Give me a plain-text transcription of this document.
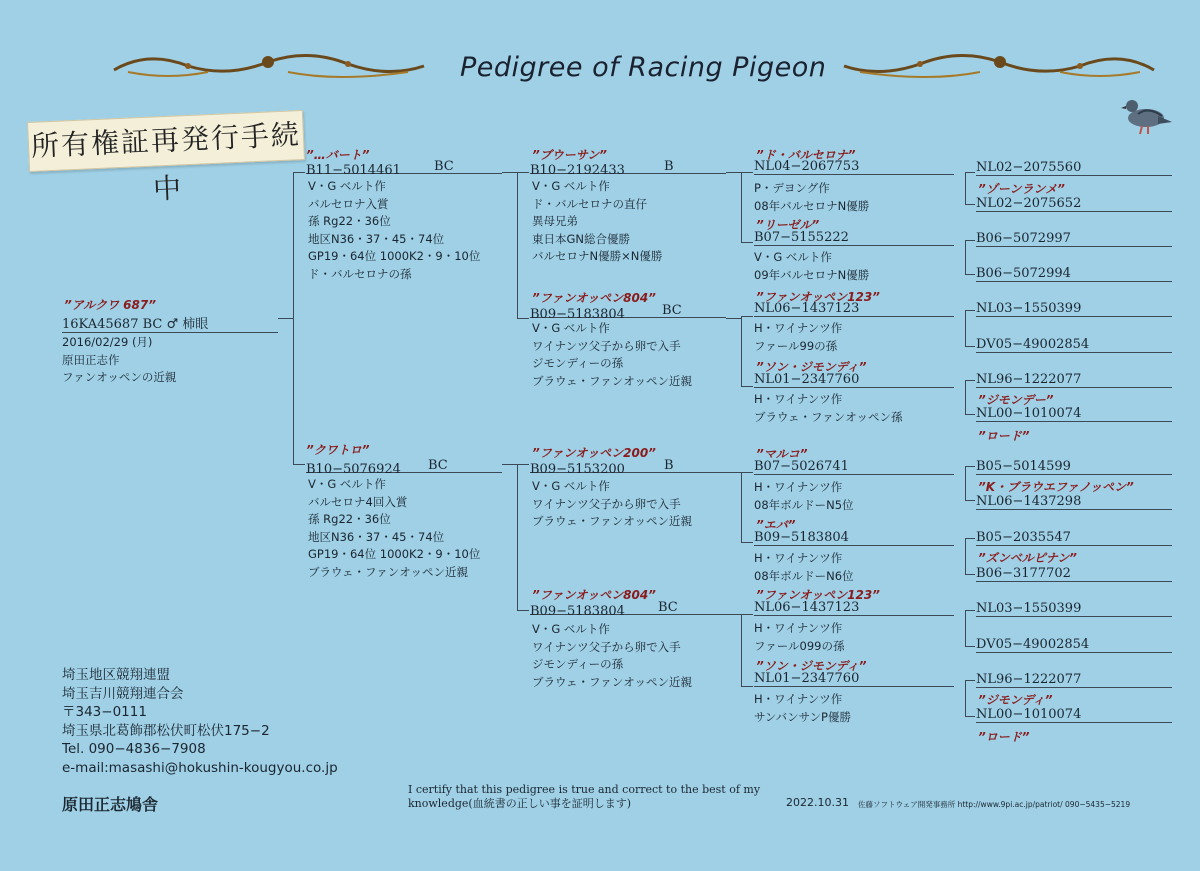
Pedigree of Racing Pigeon
所有権証再発行手続中
”アルクワ 687”
16KA45687 BC ♂ 柿眼
2016/02/29 (月)
原田正志作
ファンオッペンの近親
”…バート”
B11−5014461	BC
V・G ベルト作
バルセロナ入賞
孫 Rg22・36位
地区N36・37・45・74位
GP19・64位 1000K2・9・10位
ド・バルセロナの孫
”クワトロ”
B10−5076924 BC
V・G ベルト作
バルセロナ4回入賞
孫 Rg22・36位
地区N36・37・45・74位
GP19・64位 1000K2・9・10位
ブラウェ・ファンオッペン近親
”ブウーサン”
B10−2192433	B
V・G ベルト作
ド・バルセロナの直仔
異母兄弟
東日本GN総合優勝
バルセロナN優勝×N優勝
”ファンオッペン804”
B09−5183804	BC
V・G ベルト作
ワイナンツ父子から卵で入手
ジモンディーの孫
ブラウェ・ファンオッペン近親
”ファンオッペン200”
B09−5153200	B
V・G ベルト作
ワイナンツ父子から卵で入手
ブラウェ・ファンオッペン近親
”ファンオッペン804”
B09−5183804	BC
V・G ベルト作
ワイナンツ父子から卵で入手
ジモンディーの孫
ブラウェ・ファンオッペン近親
”ド・バルセロナ”
NL04−2067753
P・デヨング作
08年バルセロナN優勝
”リーゼル”
B07−5155222
V・G ベルト作
09年バルセロナN優勝
”ファンオッペン123”
NL06−1437123
H・ワイナンツ作
ファール99の孫
”ソン・ジモンディ”
NL01−2347760
H・ワイナンツ作
ブラウェ・ファンオッペン孫
”マルコ”
B07−5026741
H・ワイナンツ作
08年ボルドーN5位
”エバ”
B09−5183804
H・ワイナンツ作
08年ボルドーN6位
”ファンオッペン123”
NL06−1437123
H・ワイナンツ作
ファール099の孫
”ソン・ジモンディ”
NL01−2347760
H・ワイナンツ作
サンバンサンP優勝
NL02−2075560
”ゾーンランメ”
NL02−2075652
B06−5072997
B06−5072994
NL03−1550399
DV05−49002854
NL96−1222077
”ジモンデー”
NL00−1010074
”ロード”
B05−5014599
”K・ブラウエファノッペン”
NL06−1437298
B05−2035547
”ズンベルピナン”
B06−3177702
NL03−1550399
DV05−49002854
NL96−1222077
”ジモンディ”
NL00−1010074
”ロード”
埼玉地区競翔連盟
埼玉吉川競翔連合会
〒343−0111
埼玉県北葛飾郡松伏町松伏175−2
Tel. 090−4836−7908
e-mail:masashi@hokushin-kougyou.co.jp
原田正志鳩舎
I certify that this pedigree is true and correct to the best of my
knowledge(血統書の正しい事を証明します)	2022.10.31 佐藤ソフトウェア開発事務所 http://www.9pi.ac.jp/patriot/ 090−5435−5219
